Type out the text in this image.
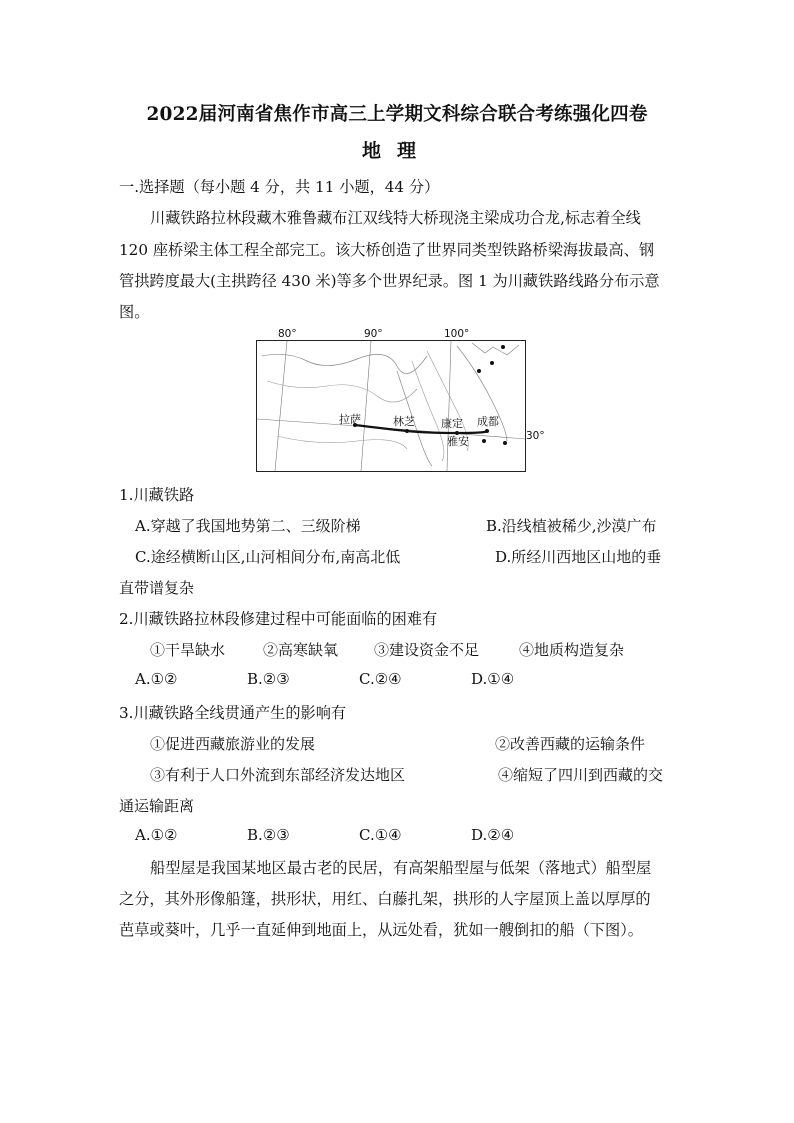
2022届河南省焦作市高三上学期文科综合联合考练强化四卷
地理
一.选择题（每小题 4 分，共 11 小题，44 分）
川藏铁路拉林段藏木雅鲁藏布江双线特大桥现浇主梁成功合龙,标志着全线
120 座桥梁主体工程全部完工。该大桥创造了世界同类型铁路桥梁海拔最高、钢
管拱跨度最大(主拱跨径 430 米)等多个世界纪录。图 1 为川藏铁路线路分布示意
图。
80°	90°	100°
拉萨	林芝 康定 成都
雅安	30°
1.川藏铁路
A.穿越了我国地势第二、三级阶梯	B.沿线植被稀少,沙漠广布
C.途经横断山区,山河相间分布,南高北低	D.所经川西地区山地的垂
直带谱复杂
2.川藏铁路拉林段修建过程中可能面临的困难有
①干旱缺水	②高寒缺氧 ③建设资金不足	④地质构造复杂
A.①②	B.②③	C.②④	D.①④
3.川藏铁路全线贯通产生的影响有
①促进西藏旅游业的发展	②改善西藏的运输条件
③有利于人口外流到东部经济发达地区	④缩短了四川到西藏的交
通运输距离
A.①②	B.②③	C.①④	D.②④
船型屋是我国某地区最古老的民居，有高架船型屋与低架（落地式）船型屋
之分，其外形像船篷，拱形状，用红、白藤扎架，拱形的人字屋顶上盖以厚厚的
芭草或葵叶，几乎一直延伸到地面上，从远处看，犹如一艘倒扣的船（下图）。
